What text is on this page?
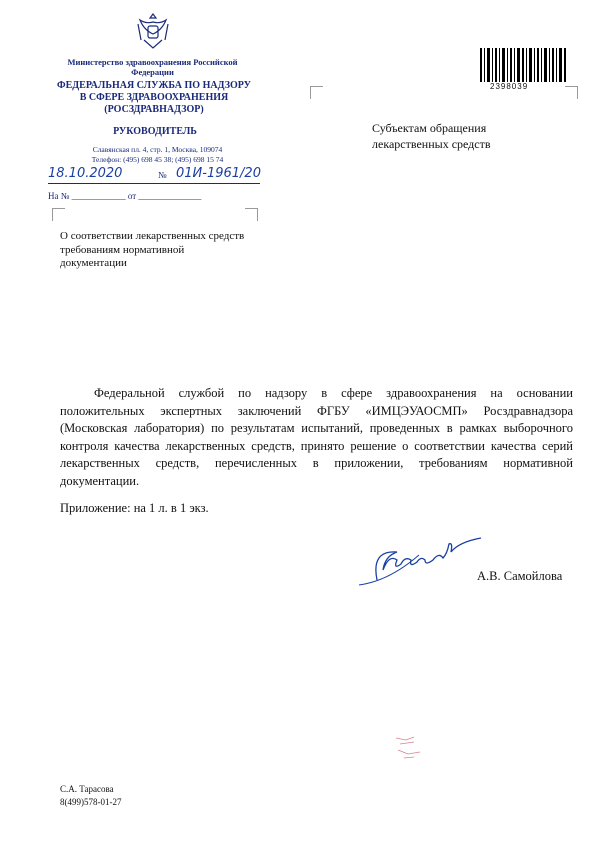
Министерство здравоохранения Российской Федерации
ФЕДЕРАЛЬНАЯ СЛУЖБА ПО НАДЗОРУ
В СФЕРЕ ЗДРАВООХРАНЕНИЯ
(РОСЗДРАВНАДЗОР)
РУКОВОДИТЕЛЬ
Славянская пл. 4, стр. 1, Москва, 109074
Телефон: (495) 698 45 38; (495) 698 15 74
18.10.2020	№ 01И-1961/20
На № ____________ от ______________
О соответствии лекарственных средств требованиям нормативной документации
Субъектам обращения лекарственных средств
2398039

Федеральной службой по надзору в сфере здравоохранения на основании положительных экспертных заключений ФГБУ «ИМЦЭУАОСМП» Росздравнадзора (Московская лаборатория) по результатам испытаний, проведенных в рамках выборочного контроля качества лекарственных средств, принято решение о соответствии качества серий лекарственных средств, перечисленных в приложении, требованиям нормативной документации.

Приложение: на 1 л. в 1 экз.
А.В. Самойлова
С.А. Тарасова
8(499)578-01-27
